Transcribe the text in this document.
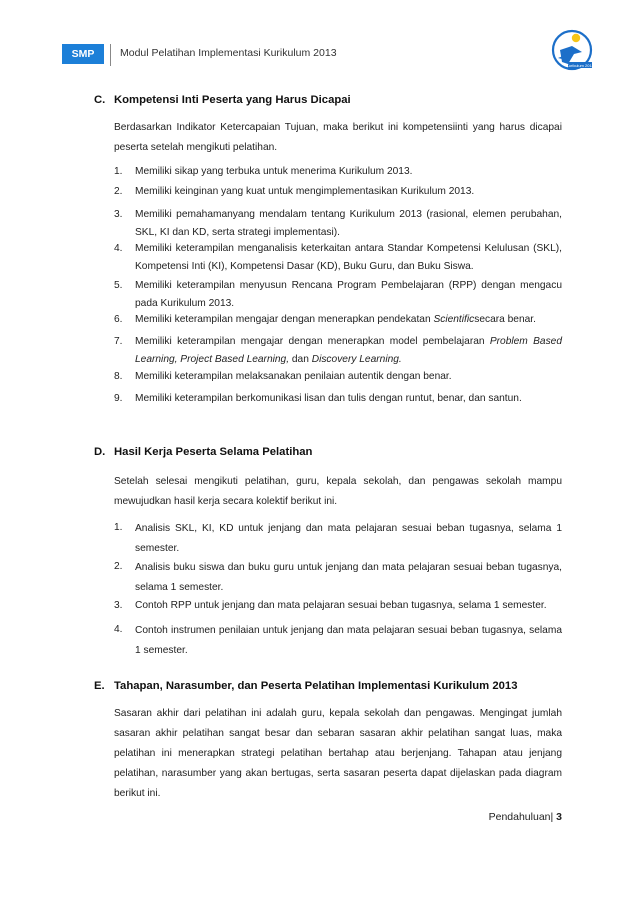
SMP	Modul Pelatihan Implementasi Kurikulum 2013
Kurikulum 2013
C. Kompetensi Inti Peserta yang Harus Dicapai
Berdasarkan Indikator Ketercapaian Tujuan, maka berikut ini kompetensiinti yang harus dicapai peserta setelah mengikuti pelatihan.
1.	Memiliki sikap yang terbuka untuk menerima Kurikulum 2013.
2.	Memiliki keinginan yang kuat untuk mengimplementasikan Kurikulum 2013.
3.	Memiliki pemahamanyang mendalam tentang Kurikulum 2013 (rasional, elemen perubahan, SKL, KI dan KD, serta strategi implementasi).
4.	Memiliki keterampilan menganalisis keterkaitan antara Standar Kompetensi Kelulusan (SKL), Kompetensi Inti (KI), Kompetensi Dasar (KD), Buku Guru, dan Buku Siswa.
5.	Memiliki keterampilan menyusun Rencana Program Pembelajaran (RPP) dengan mengacu pada Kurikulum 2013.
6.	Memiliki keterampilan mengajar dengan menerapkan pendekatan Scientificsecara benar.
7.	Memiliki keterampilan mengajar dengan menerapkan model pembelajaran Problem Based Learning, Project Based Learning, dan Discovery Learning.
8.	Memiliki keterampilan melaksanakan penilaian autentik dengan benar.
9.	Memiliki keterampilan berkomunikasi lisan dan tulis dengan runtut, benar, dan santun.
D. Hasil Kerja Peserta Selama Pelatihan
Setelah selesai mengikuti pelatihan, guru, kepala sekolah, dan pengawas sekolah mampu mewujudkan hasil kerja secara kolektif berikut ini.
1.	Analisis SKL, KI, KD untuk jenjang dan mata pelajaran sesuai beban tugasnya, selama 1 semester.
2.	Analisis buku siswa dan buku guru untuk jenjang dan mata pelajaran sesuai beban tugasnya, selama 1 semester.
3.	Contoh RPP untuk jenjang dan mata pelajaran sesuai beban tugasnya, selama 1 semester.
4.	Contoh instrumen penilaian untuk jenjang dan mata pelajaran sesuai beban tugasnya, selama 1 semester.
E. Tahapan, Narasumber, dan Peserta Pelatihan Implementasi Kurikulum 2013
Sasaran akhir dari pelatihan ini adalah guru, kepala sekolah dan pengawas. Mengingat jumlah sasaran akhir pelatihan sangat besar dan sebaran sasaran akhir pelatihan sangat luas, maka pelatihan ini menerapkan strategi pelatihan bertahap atau berjenjang. Tahapan atau jenjang pelatihan, narasumber yang akan bertugas, serta sasaran peserta dapat dijelaskan pada diagram berikut ini.
Pendahuluan| 3
